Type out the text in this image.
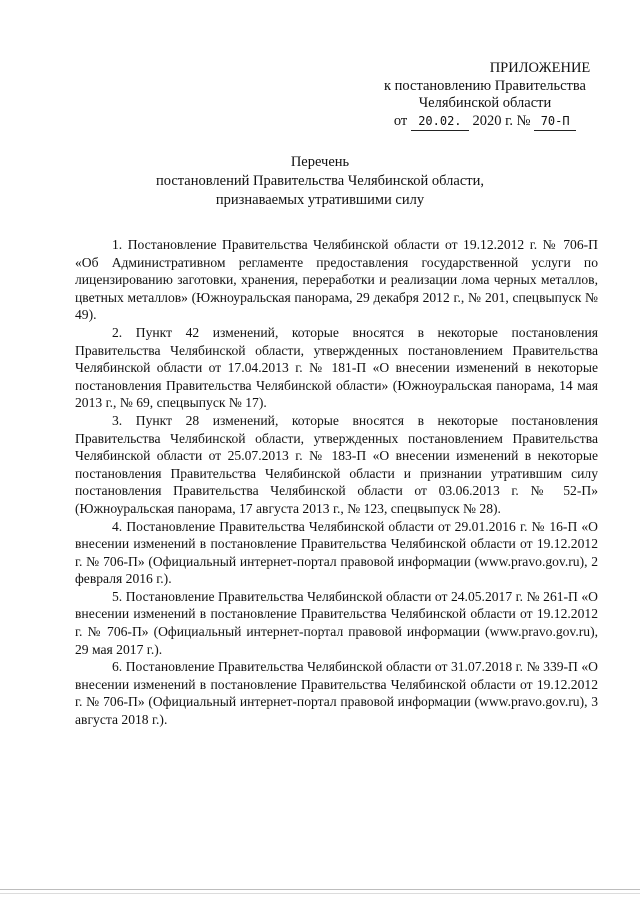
ПРИЛОЖЕНИЕ
к постановлению Правительства
Челябинской области
от 20.02. 2020 г. № 70-П
Перечень
постановлений Правительства Челябинской области,
признаваемых утратившими силу

1. Постановление Правительства Челябинской области от 19.12.2012 г. № 706-П «Об Административном регламенте предоставления государственной услуги по лицензированию заготовки, хранения, переработки и реализации лома черных металлов, цветных металлов» (Южноуральская панорама, 29 декабря 2012 г., № 201, спецвыпуск № 49).

2. Пункт 42 изменений, которые вносятся в некоторые постановления Правительства Челябинской области, утвержденных постановлением Правительства Челябинской области от 17.04.2013 г. № 181-П «О внесении изменений в некоторые постановления Правительства Челябинской области» (Южноуральская панорама, 14 мая 2013 г., № 69, спецвыпуск № 17).

3. Пункт 28 изменений, которые вносятся в некоторые постановления Правительства Челябинской области, утвержденных постановлением Правительства Челябинской области от 25.07.2013 г. № 183-П «О внесении изменений в некоторые постановления Правительства Челябинской области и признании утратившим силу постановления Правительства Челябинской области от 03.06.2013 г. № 52-П» (Южноуральская панорама, 17 августа 2013 г., № 123, спецвыпуск № 28).

4. Постановление Правительства Челябинской области от 29.01.2016 г. № 16-П «О внесении изменений в постановление Правительства Челябинской области от 19.12.2012 г. № 706-П» (Официальный интернет-портал правовой информации (www.pravo.gov.ru), 2 февраля 2016 г.).

5. Постановление Правительства Челябинской области от 24.05.2017 г. № 261-П «О внесении изменений в постановление Правительства Челябинской области от 19.12.2012 г. № 706-П» (Официальный интернет-портал правовой информации (www.pravo.gov.ru), 29 мая 2017 г.).

6. Постановление Правительства Челябинской области от 31.07.2018 г. № 339-П «О внесении изменений в постановление Правительства Челябинской области от 19.12.2012 г. № 706-П» (Официальный интернет-портал правовой информации (www.pravo.gov.ru), 3 августа 2018 г.).
